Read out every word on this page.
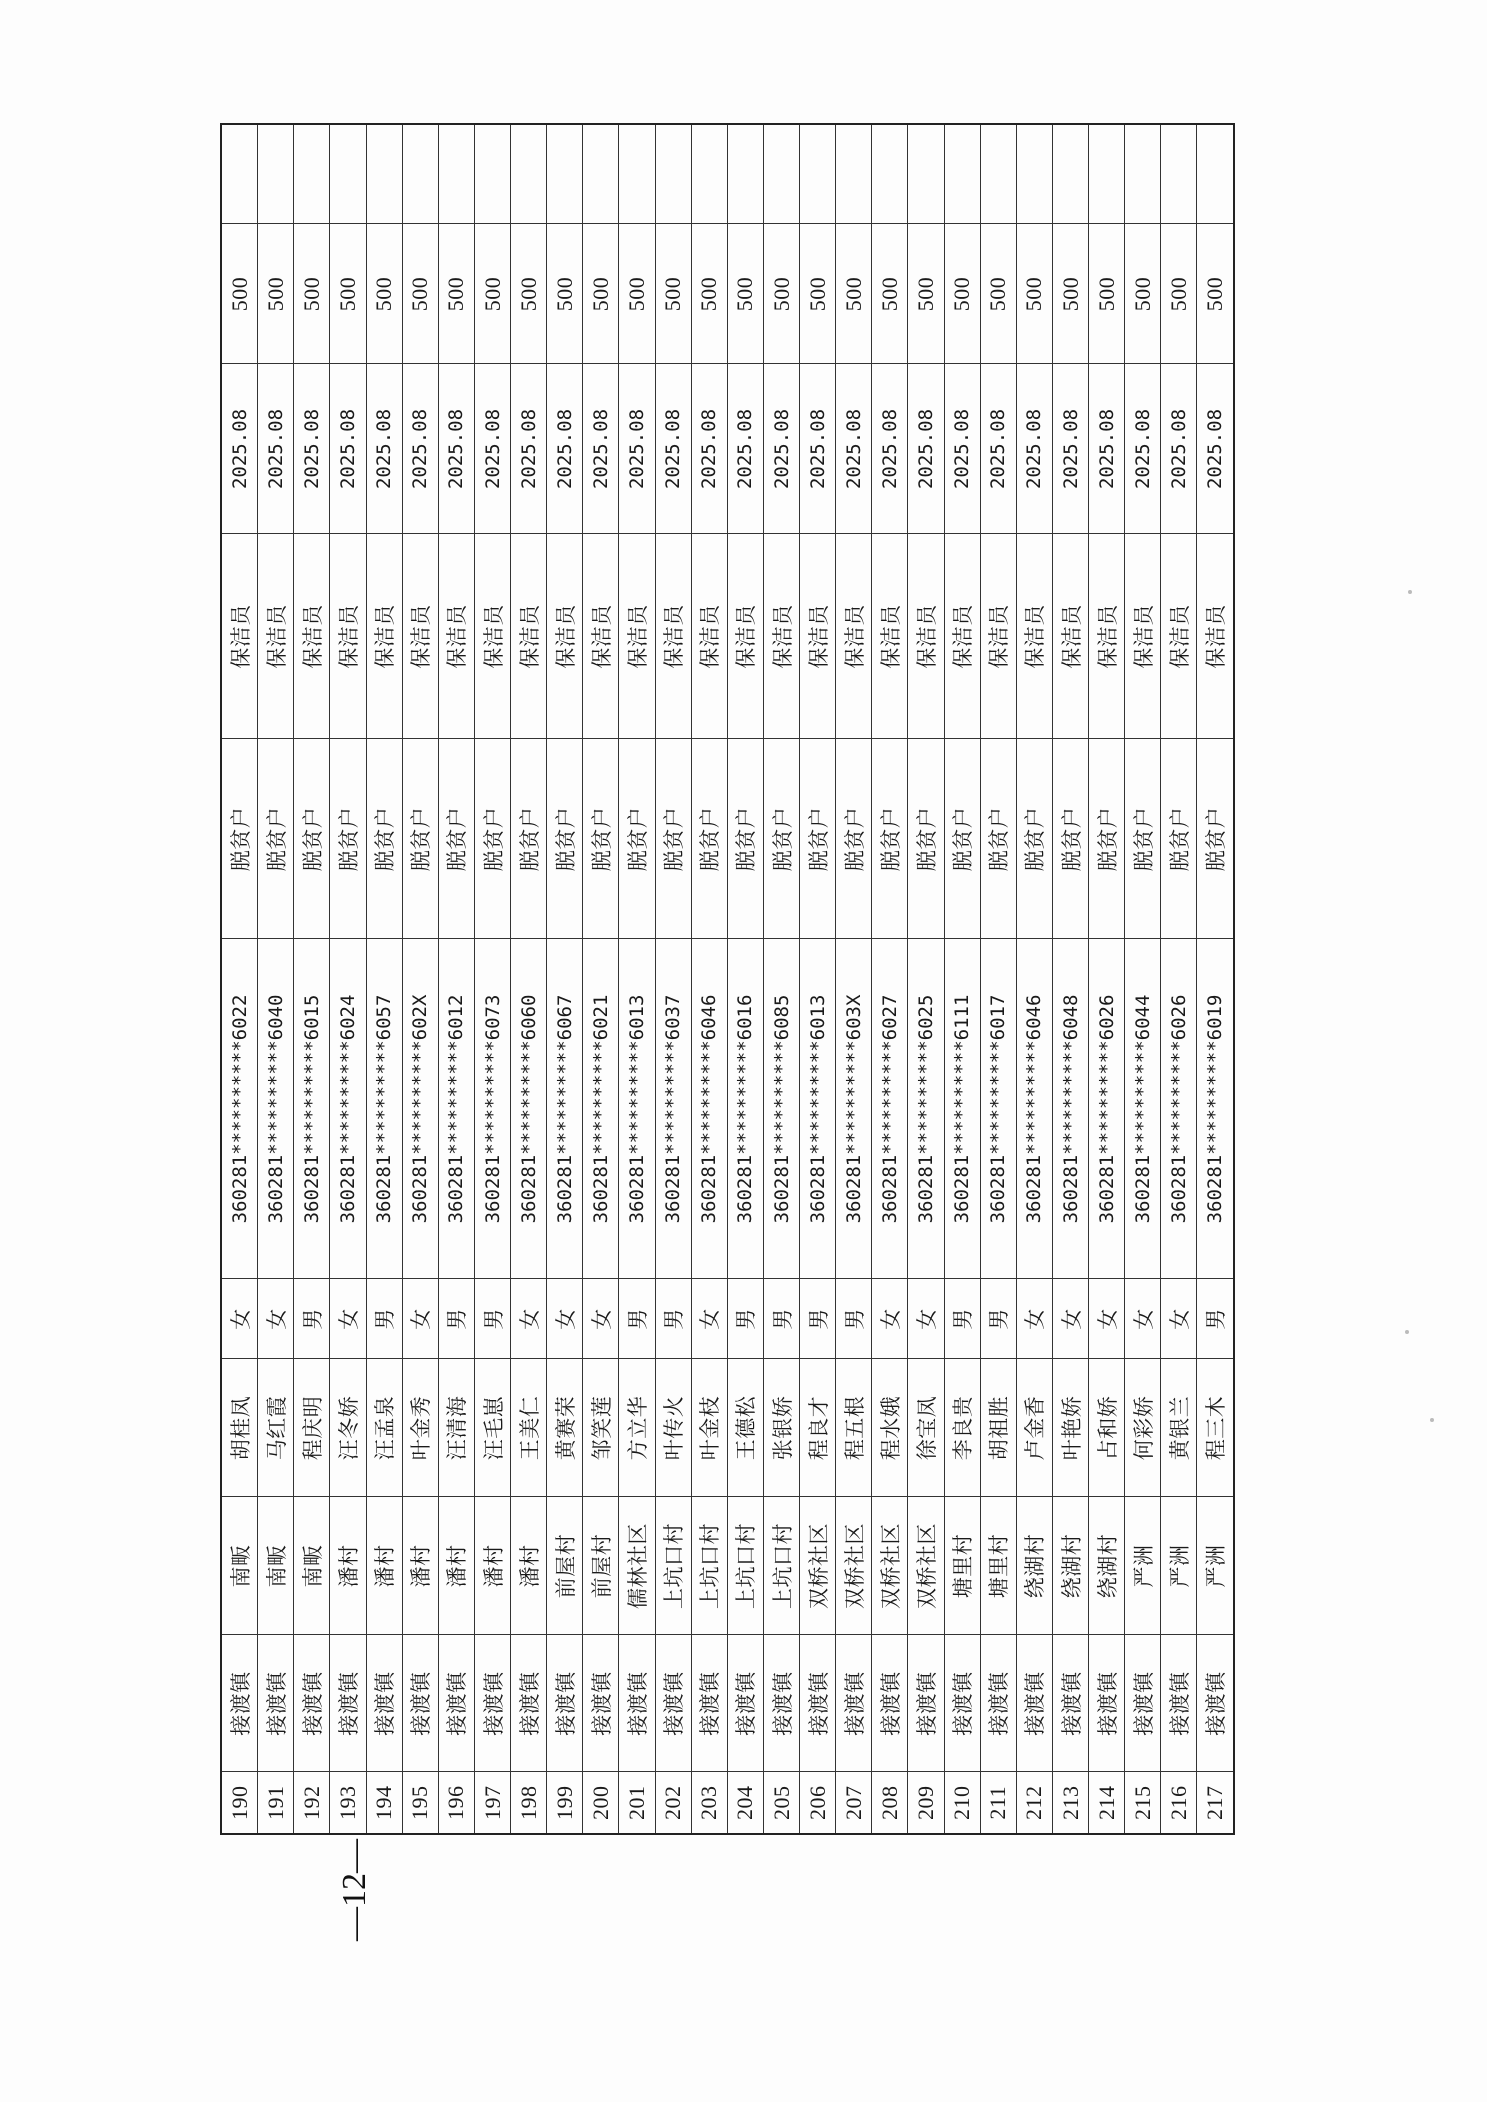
190	接渡镇	南畈	胡桂凤	女	360281**********6022	脱贫户	保洁员	2025.08	500	
191	接渡镇	南畈	马红霞	女	360281**********6040	脱贫户	保洁员	2025.08	500	
192	接渡镇	南畈	程庆明	男	360281**********6015	脱贫户	保洁员	2025.08	500	
193	接渡镇	潘村	汪冬娇	女	360281**********6024	脱贫户	保洁员	2025.08	500	
194	接渡镇	潘村	汪孟泉	男	360281**********6057	脱贫户	保洁员	2025.08	500	
195	接渡镇	潘村	叶金秀	女	360281**********602X	脱贫户	保洁员	2025.08	500	
196	接渡镇	潘村	汪清海	男	360281**********6012	脱贫户	保洁员	2025.08	500	
197	接渡镇	潘村	汪毛崽	男	360281**********6073	脱贫户	保洁员	2025.08	500	
198	接渡镇	潘村	王美仁	女	360281**********6060	脱贫户	保洁员	2025.08	500	
199	接渡镇	前屋村	黄赛荣	女	360281**********6067	脱贫户	保洁员	2025.08	500	
200	接渡镇	前屋村	邹笑莲	女	360281**********6021	脱贫户	保洁员	2025.08	500	
201	接渡镇	儒林社区	方立华	男	360281**********6013	脱贫户	保洁员	2025.08	500	
202	接渡镇	上坑口村	叶传火	男	360281**********6037	脱贫户	保洁员	2025.08	500	
203	接渡镇	上坑口村	叶金枝	女	360281**********6046	脱贫户	保洁员	2025.08	500	
204	接渡镇	上坑口村	王德松	男	360281**********6016	脱贫户	保洁员	2025.08	500	
205	接渡镇	上坑口村	张银娇	男	360281**********6085	脱贫户	保洁员	2025.08	500	
206	接渡镇	双桥社区	程良才	男	360281**********6013	脱贫户	保洁员	2025.08	500	
207	接渡镇	双桥社区	程五根	男	360281**********603X	脱贫户	保洁员	2025.08	500	
208	接渡镇	双桥社区	程水娥	女	360281**********6027	脱贫户	保洁员	2025.08	500	
209	接渡镇	双桥社区	徐宝凤	女	360281**********6025	脱贫户	保洁员	2025.08	500	
210	接渡镇	塘里村	李良贵	男	360281**********6111	脱贫户	保洁员	2025.08	500	
211	接渡镇	塘里村	胡祖胜	男	360281**********6017	脱贫户	保洁员	2025.08	500	
212	接渡镇	绕湖村	卢金香	女	360281**********6046	脱贫户	保洁员	2025.08	500	
213	接渡镇	绕湖村	叶艳娇	女	360281**********6048	脱贫户	保洁员	2025.08	500	
214	接渡镇	绕湖村	占和娇	女	360281**********6026	脱贫户	保洁员	2025.08	500	
215	接渡镇	严洲	何彩娇	女	360281**********6044	脱贫户	保洁员	2025.08	500	
216	接渡镇	严洲	黄银兰	女	360281**********6026	脱贫户	保洁员	2025.08	500	
217	接渡镇	严洲	程三木	男	360281**********6019	脱贫户	保洁员	2025.08	500	
—12—
